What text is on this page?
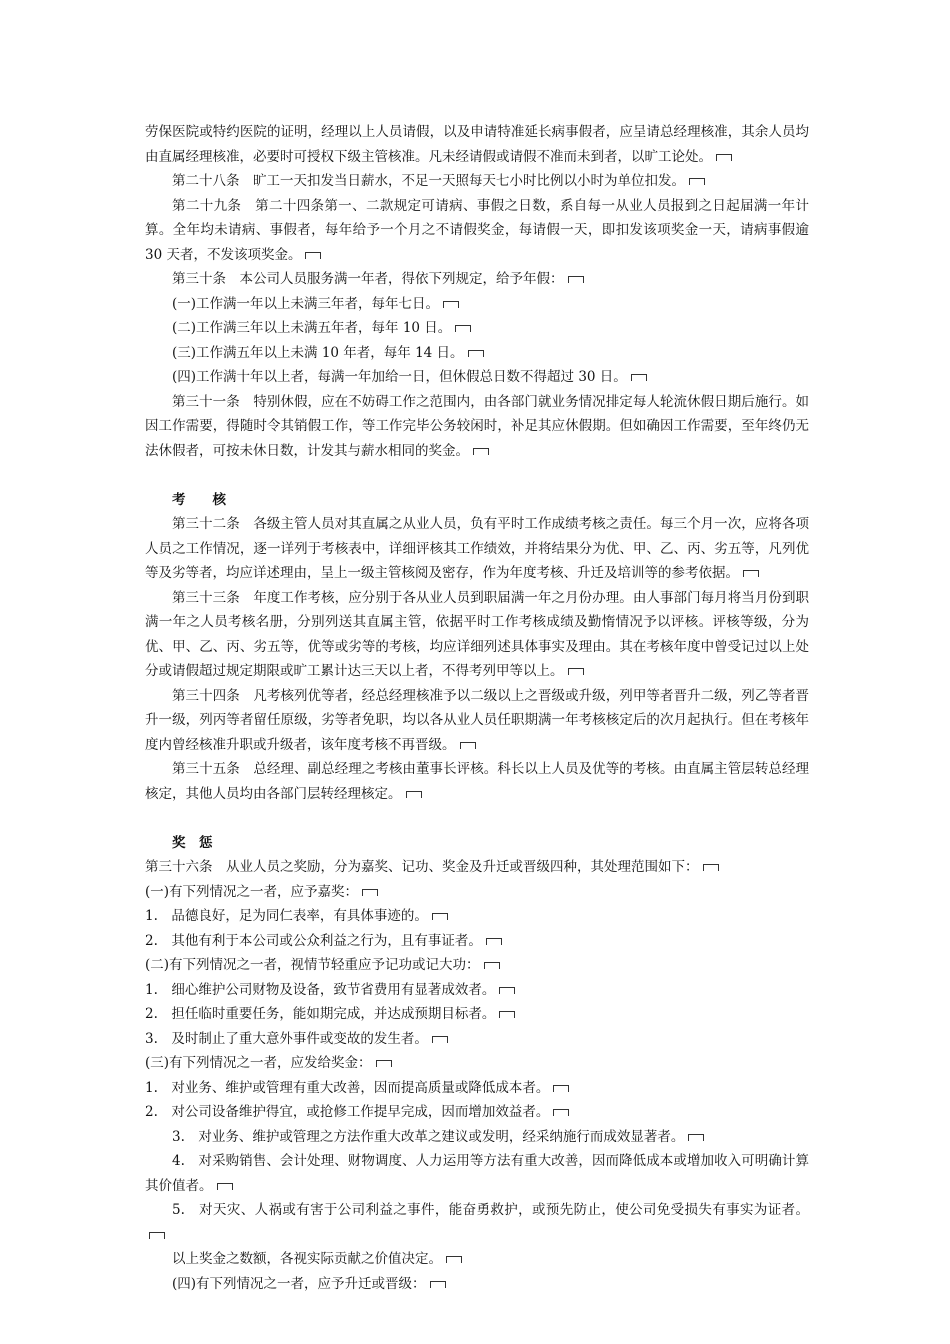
劳保医院或特约医院的证明，经理以上人员请假，以及申请特准延长病事假者，应呈请总经理核准，其余人员均由直属经理核准，必要时可授权下级主管核准。凡未经请假或请假不准而未到者，以旷工论处。

第二十八条　旷工一天扣发当日薪水，不足一天照每天七小时比例以小时为单位扣发。

第二十九条　第二十四条第一、二款规定可请病、事假之日数，系自每一从业人员报到之日起届满一年计算。全年均未请病、事假者，每年给予一个月之不请假奖金，每请假一天，即扣发该项奖金一天，请病事假逾 30 天者，不发该项奖金。

第三十条　本公司人员服务满一年者，得依下列规定，给予年假：

(一)工作满一年以上未满三年者，每年七日。

(二)工作满三年以上未满五年者，每年 10 日。

(三)工作满五年以上未满 10 年者，每年 14 日。

(四)工作满十年以上者，每满一年加给一日，但休假总日数不得超过 30 日。

第三十一条　特别休假，应在不妨碍工作之范围内，由各部门就业务情况排定每人轮流休假日期后施行。如因工作需要，得随时令其销假工作，等工作完毕公务较闲时，补足其应休假期。但如确因工作需要，至年终仍无法休假者，可按未休日数，计发其与薪水相同的奖金。

考　　核

第三十二条　各级主管人员对其直属之从业人员，负有平时工作成绩考核之责任。每三个月一次，应将各项人员之工作情况，逐一详列于考核表中，详细评核其工作绩效，并将结果分为优、甲、乙、丙、劣五等，凡列优等及劣等者，均应详述理由，呈上一级主管核阅及密存，作为年度考核、升迁及培训等的参考依据。

第三十三条　年度工作考核，应分别于各从业人员到职届满一年之月份办理。由人事部门每月将当月份到职满一年之人员考核名册，分别列送其直属主管，依据平时工作考核成绩及勤惰情况予以评核。评核等级，分为优、甲、乙、丙、劣五等，优等或劣等的考核，均应详细列述具体事实及理由。其在考核年度中曾受记过以上处分或请假超过规定期限或旷工累计达三天以上者，不得考列甲等以上。

第三十四条　凡考核列优等者，经总经理核准予以二级以上之晋级或升级，列甲等者晋升二级，列乙等者晋升一级，列丙等者留任原级，劣等者免职，均以各从业人员任职期满一年考核核定后的次月起执行。但在考核年度内曾经核准升职或升级者，该年度考核不再晋级。

第三十五条　总经理、副总经理之考核由董事长评核。科长以上人员及优等的考核。由直属主管层转总经理核定，其他人员均由各部门层转经理核定。

奖　惩

第三十六条　从业人员之奖励，分为嘉奖、记功、奖金及升迁或晋级四种，其处理范围如下：

(一)有下列情况之一者，应予嘉奖：

1.　品德良好，足为同仁表率，有具体事迹的。

2.　其他有利于本公司或公众利益之行为，且有事证者。

(二)有下列情况之一者，视情节轻重应予记功或记大功：

1.　细心维护公司财物及设备，致节省费用有显著成效者。

2.　担任临时重要任务，能如期完成，并达成预期目标者。

3.　及时制止了重大意外事件或变故的发生者。

(三)有下列情况之一者，应发给奖金：

1.　对业务、维护或管理有重大改善，因而提高质量或降低成本者。

2.　对公司设备维护得宜，或抢修工作提早完成，因而增加效益者。

3.　对业务、维护或管理之方法作重大改革之建议或发明，经采纳施行而成效显著者。

4.　对采购销售、会计处理、财物调度、人力运用等方法有重大改善，因而降低成本或增加收入可明确计算其价值者。

5.　对天灾、人祸或有害于公司利益之事件，能奋勇救护，或预先防止，使公司免受损失有事实为证者。

以上奖金之数额，各视实际贡献之价值决定。

(四)有下列情况之一者，应予升迁或晋级：
